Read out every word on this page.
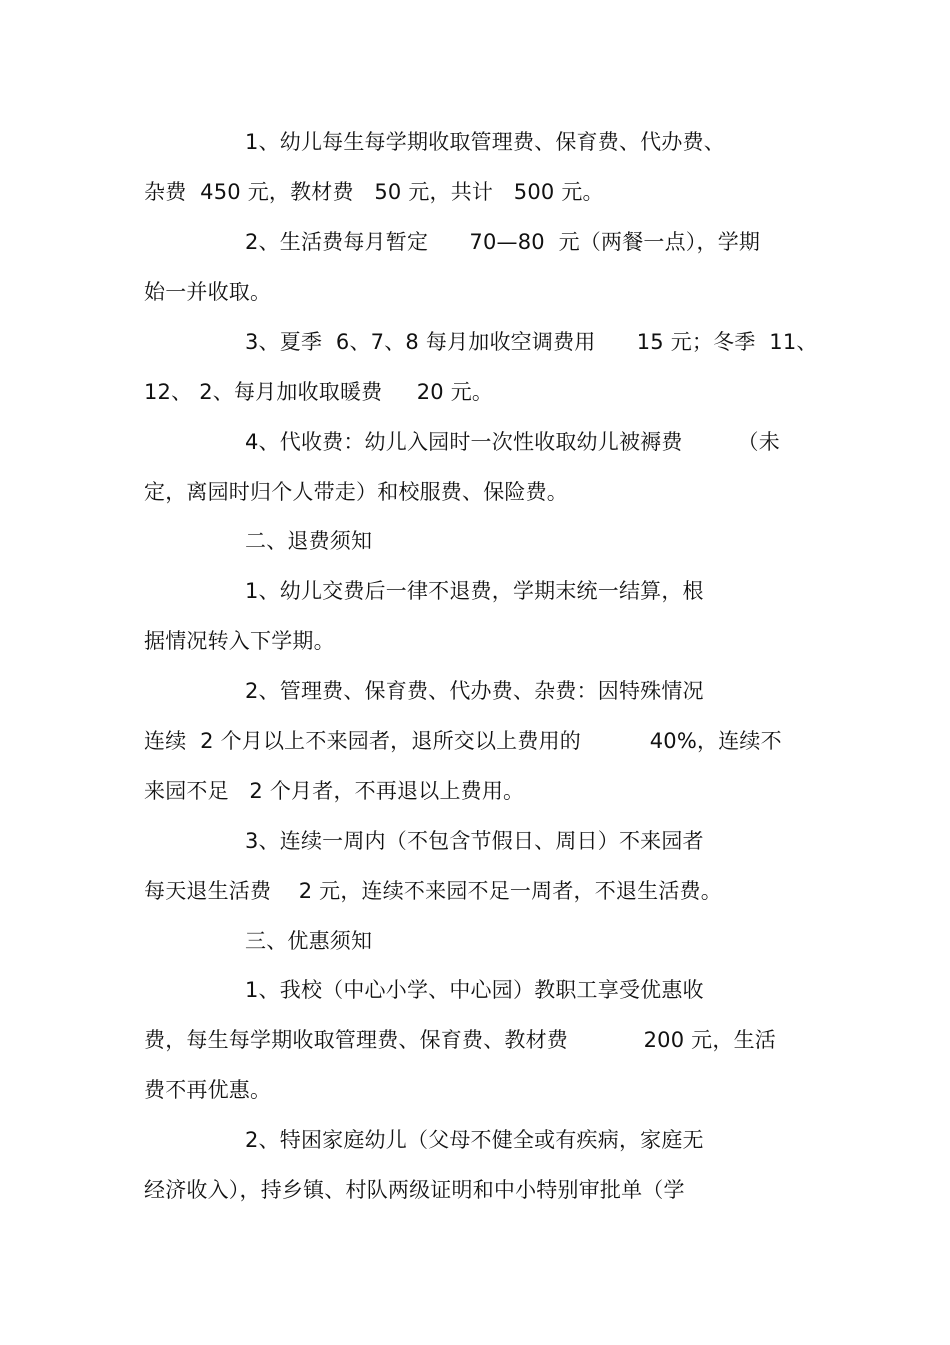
1、幼儿每生每学期收取管理费、保育费、代办费、
杂费  450 元，教材费   50 元，共计   500 元。
2、生活费每月暂定      70—80  元（两餐一点），学期
始一并收取。
3、夏季  6、7、8 每月加收空调费用      15 元；冬季  11、
12、 2、每月加收取暖费     20 元。
4、代收费：幼儿入园时一次性收取幼儿被褥费        （未
定，离园时归个人带走）和校服费、保险费。
二、退费须知
1、幼儿交费后一律不退费，学期末统一结算，根
据情况转入下学期。
2、管理费、保育费、代办费、杂费：因特殊情况
连续  2 个月以上不来园者，退所交以上费用的          40%，连续不
来园不足   2 个月者，不再退以上费用。
3、连续一周内（不包含节假日、周日）不来园者
每天退生活费    2 元，连续不来园不足一周者，不退生活费。
三、优惠须知
1、我校（中心小学、中心园）教职工享受优惠收
费，每生每学期收取管理费、保育费、教材费           200 元，生活
费不再优惠。
2、特困家庭幼儿（父母不健全或有疾病，家庭无
经济收入），持乡镇、村队两级证明和中小特别审批单（学
